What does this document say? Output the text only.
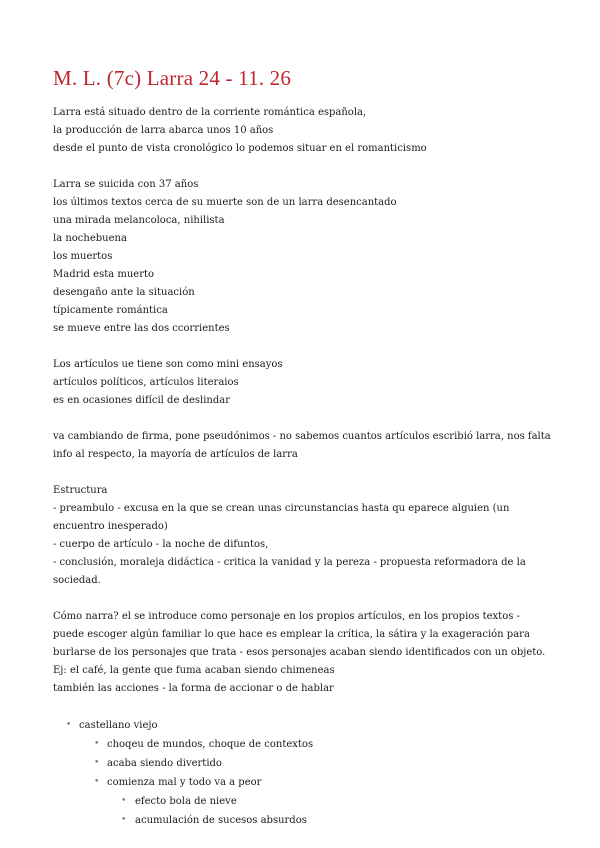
M. L. (7c) Larra 24 - 11. 26
Larra está situado dentro de la corriente romántica española,
la producción de larra abarca unos 10 años
desde el punto de vista cronológico lo podemos situar en el romanticismo
Larra se suicida con 37 años
los últimos textos cerca de su muerte son de un larra desencantado
una mirada melancoloca, nihilista
la nochebuena
los muertos
Madrid esta muerto
desengaño ante la situación
típicamente romántica
se mueve entre las dos ccorrientes
Los artículos ue tiene son como mini ensayos
artículos políticos, artículos literaios
es en ocasiones difícil de deslindar
va cambiando de firma, pone pseudónimos - no sabemos cuantos artículos escribió larra, nos falta info al respecto, la mayoría de artículos de larra
Estructura
- preambulo - excusa en la que se crean unas circunstancias hasta qu eparece alguien (un encuentro inesperado)
- cuerpo de artículo - la noche de difuntos,
- conclusión, moraleja didáctica - critica la vanidad y la pereza - propuesta reformadora de la sociedad.
Cómo narra? el se introduce como personaje en los propios artículos, en los propios textos - puede escoger algún familiar lo que hace es emplear la crítica, la sátira y la exageración para burlarse de los personajes que trata - esos personajes acaban siendo identificados con un objeto. Ej: el café, la gente que fuma acaban siendo chimeneas
también las acciones - la forma de accionar o de hablar
• castellano viejo
• choqeu de mundos, choque de contextos
• acaba siendo divertido
• comienza mal y todo va a peor
• efecto bola de nieve
• acumulación de sucesos absurdos
